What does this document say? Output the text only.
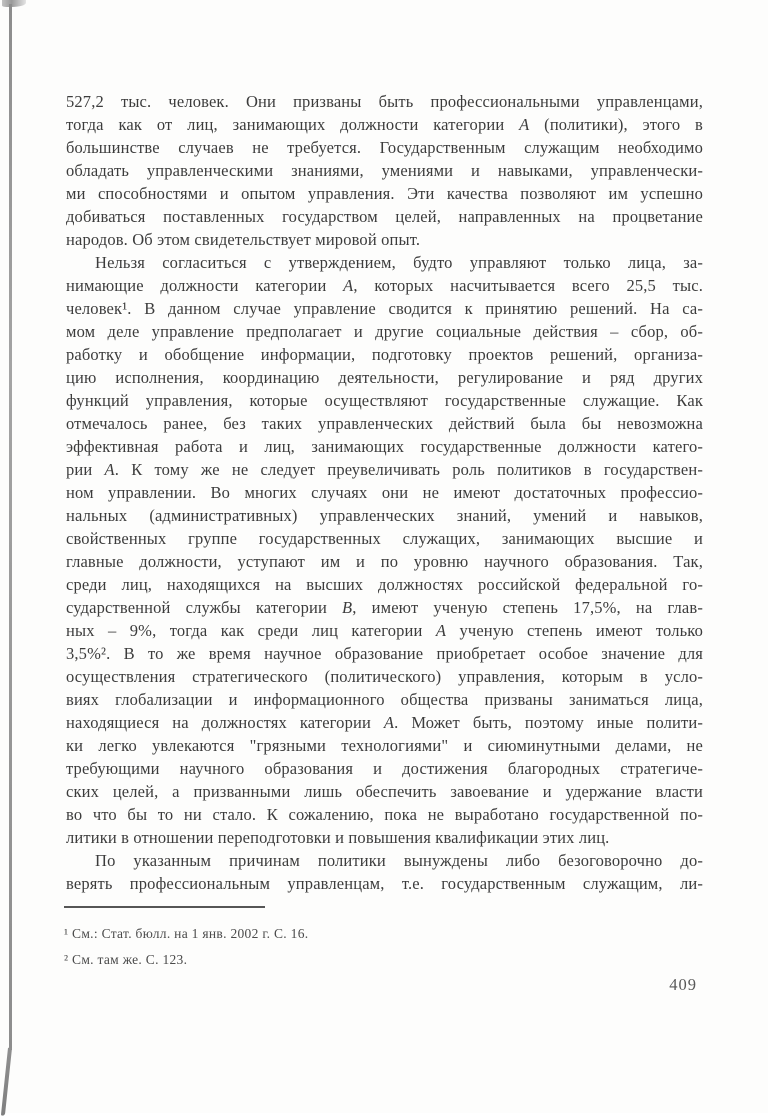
527,2 тыс. человек. Они призваны быть профессиональными управленцами,
тогда как от лиц, занимающих должности категории А (политики), этого в
большинстве случаев не требуется. Государственным служащим необходимо
обладать управленческими знаниями, умениями и навыками, управленчески-
ми способностями и опытом управления. Эти качества позволяют им успешно
добиваться поставленных государством целей, направленных на процветание
народов. Об этом свидетельствует мировой опыт.
Нельзя согласиться с утверждением, будто управляют только лица, за-
нимающие должности категории А, которых насчитывается всего 25,5 тыс.
человек¹. В данном случае управление сводится к принятию решений. На са-
мом деле управление предполагает и другие социальные действия – сбор, об-
работку и обобщение информации, подготовку проектов решений, организа-
цию исполнения, координацию деятельности, регулирование и ряд других
функций управления, которые осуществляют государственные служащие. Как
отмечалось ранее, без таких управленческих действий была бы невозможна
эффективная работа и лиц, занимающих государственные должности катего-
рии А. К тому же не следует преувеличивать роль политиков в государствен-
ном управлении. Во многих случаях они не имеют достаточных профессио-
нальных (административных) управленческих знаний, умений и навыков,
свойственных группе государственных служащих, занимающих высшие и
главные должности, уступают им и по уровню научного образования. Так,
среди лиц, находящихся на высших должностях российской федеральной го-
сударственной службы категории В, имеют ученую степень 17,5%, на глав-
ных – 9%, тогда как среди лиц категории А ученую степень имеют только
3,5%². В то же время научное образование приобретает особое значение для
осуществления стратегического (политического) управления, которым в усло-
виях глобализации и информационного общества призваны заниматься лица,
находящиеся на должностях категории А. Может быть, поэтому иные полити-
ки легко увлекаются "грязными технологиями" и сиюминутными делами, не
требующими научного образования и достижения благородных стратегиче-
ских целей, а призванными лишь обеспечить завоевание и удержание власти
во что бы то ни стало. К сожалению, пока не выработано государственной по-
литики в отношении переподготовки и повышения квалификации этих лиц.
По указанным причинам политики вынуждены либо безоговорочно до-
верять профессиональным управленцам, т.е. государственным служащим, ли-
¹ См.: Стат. бюлл. на 1 янв. 2002 г. С. 16.
² См. там же. С. 123.
409
